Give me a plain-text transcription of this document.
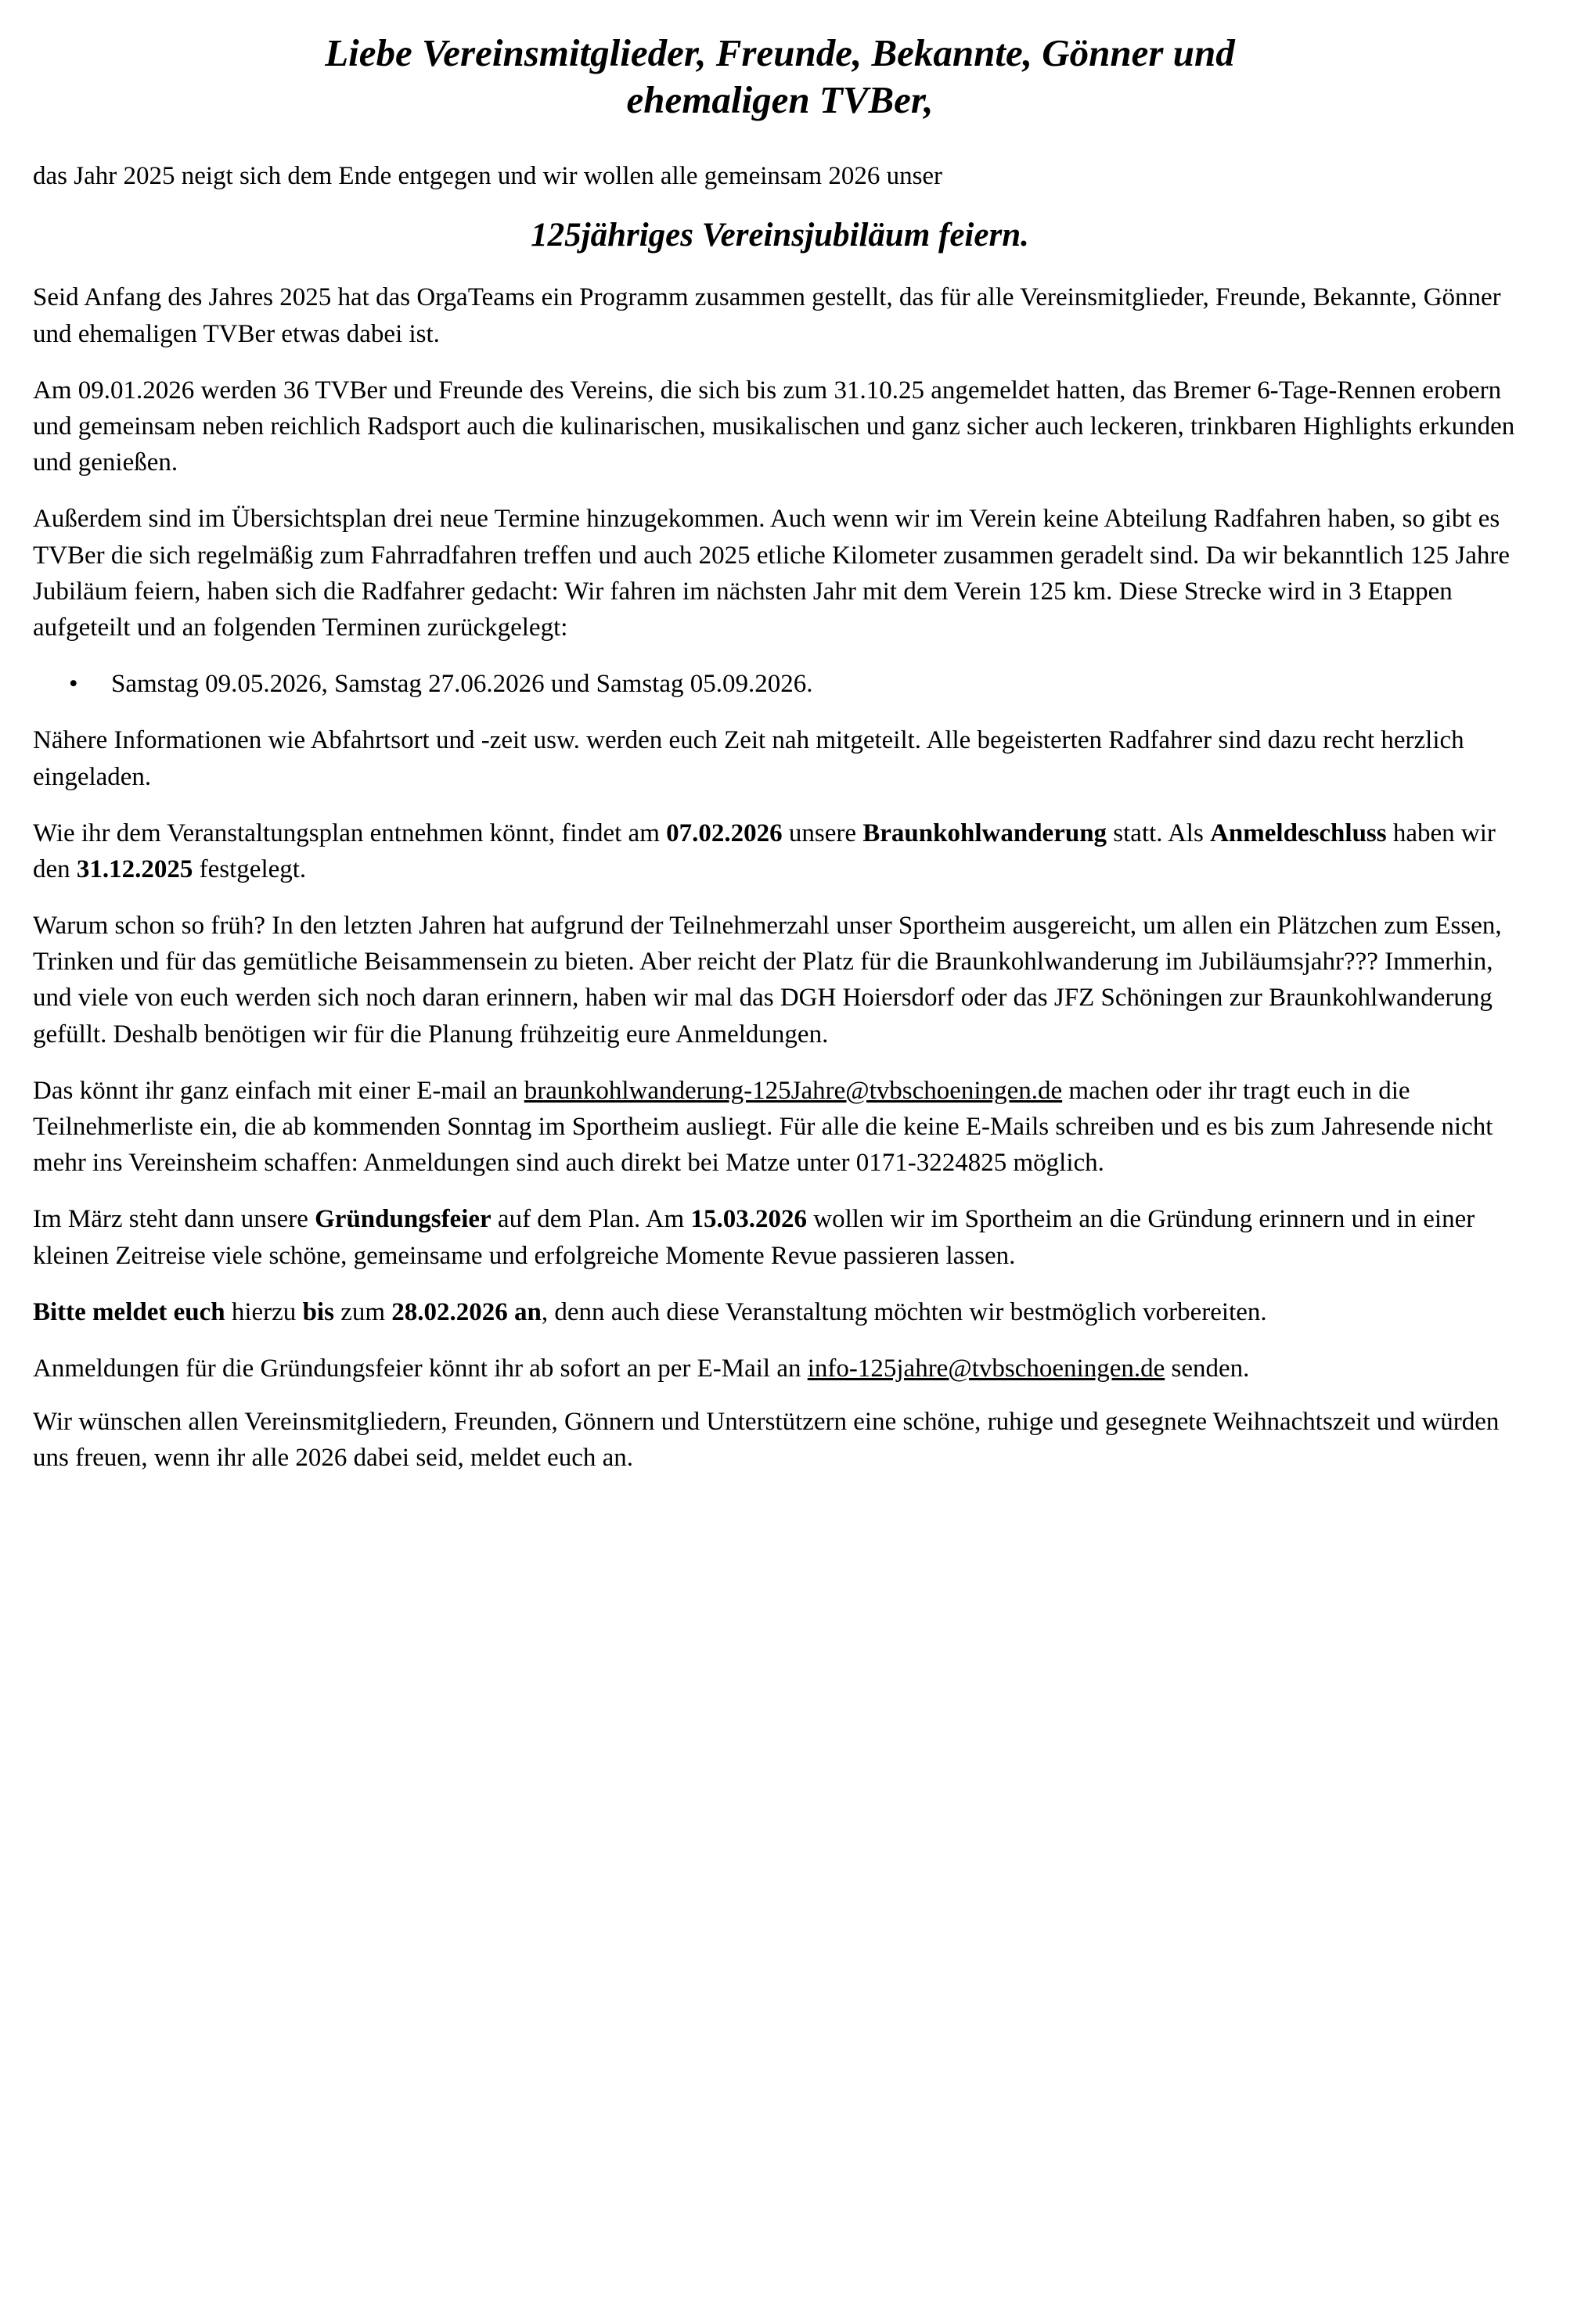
Liebe Vereinsmitglieder, Freunde, Bekannte, Gönner und
ehemaligen TVBer,

das Jahr 2025 neigt sich dem Ende entgegen und wir wollen alle gemeinsam 2026 unser

125jähriges Vereinsjubiläum feiern.

Seid Anfang des Jahres 2025 hat das OrgaTeams ein Programm zusammen gestellt, das für alle Vereinsmitglieder, Freunde, Bekannte, Gönner und ehemaligen TVBer etwas dabei ist.

Am 09.01.2026 werden 36 TVBer und Freunde des Vereins, die sich bis zum 31.10.25 angemeldet hatten, das Bremer 6-Tage-Rennen erobern und gemeinsam neben reichlich Radsport auch die kulinarischen, musikalischen und ganz sicher auch leckeren, trinkbaren Highlights erkunden und genießen.

Außerdem sind im Übersichtsplan drei neue Termine hinzugekommen. Auch wenn wir im Verein keine Abteilung Radfahren haben, so gibt es TVBer die sich regelmäßig zum Fahrradfahren treffen und auch 2025 etliche Kilometer zusammen geradelt sind. Da wir bekanntlich 125 Jahre Jubiläum feiern, haben sich die Radfahrer gedacht: Wir fahren im nächsten Jahr mit dem Verein 125 km. Diese Strecke wird in 3 Etappen aufgeteilt und an folgenden Terminen zurückgelegt:

•	Samstag 09.05.2026, Samstag 27.06.2026 und Samstag 05.09.2026.

Nähere Informationen wie Abfahrtsort und -zeit usw. werden euch Zeit nah mitgeteilt. Alle begeisterten Radfahrer sind dazu recht herzlich eingeladen.

Wie ihr dem Veranstaltungsplan entnehmen könnt, findet am 07.02.2026 unsere Braunkohlwanderung statt. Als Anmeldeschluss haben wir den 31.12.2025 festgelegt.

Warum schon so früh? In den letzten Jahren hat aufgrund der Teilnehmerzahl unser Sportheim ausgereicht, um allen ein Plätzchen zum Essen, Trinken und für das gemütliche Beisammensein zu bieten. Aber reicht der Platz für die Braunkohlwanderung im Jubiläumsjahr??? Immerhin, und viele von euch werden sich noch daran erinnern, haben wir mal das DGH Hoiersdorf oder das JFZ Schöningen zur Braunkohlwanderung gefüllt. Deshalb benötigen wir für die Planung frühzeitig eure Anmeldungen.

Das könnt ihr ganz einfach mit einer E-mail an braunkohlwanderung-125Jahre@tvbschoeningen.de machen oder ihr tragt euch in die Teilnehmerliste ein, die ab kommenden Sonntag im Sportheim ausliegt. Für alle die keine E-Mails schreiben und es bis zum Jahresende nicht mehr ins Vereinsheim schaffen: Anmeldungen sind auch direkt bei Matze unter 0171-3224825 möglich.

Im März steht dann unsere Gründungsfeier auf dem Plan. Am 15.03.2026 wollen wir im Sportheim an die Gründung erinnern und in einer kleinen Zeitreise viele schöne, gemeinsame und erfolgreiche Momente Revue passieren lassen.

Bitte meldet euch hierzu bis zum 28.02.2026 an, denn auch diese Veranstaltung möchten wir bestmöglich vorbereiten.

Anmeldungen für die Gründungsfeier könnt ihr ab sofort an per E-Mail an info-125jahre@tvbschoeningen.de senden.

Wir wünschen allen Vereinsmitgliedern, Freunden, Gönnern und Unterstützern eine schöne, ruhige und gesegnete Weihnachtszeit und würden uns freuen, wenn ihr alle 2026 dabei seid, meldet euch an.
